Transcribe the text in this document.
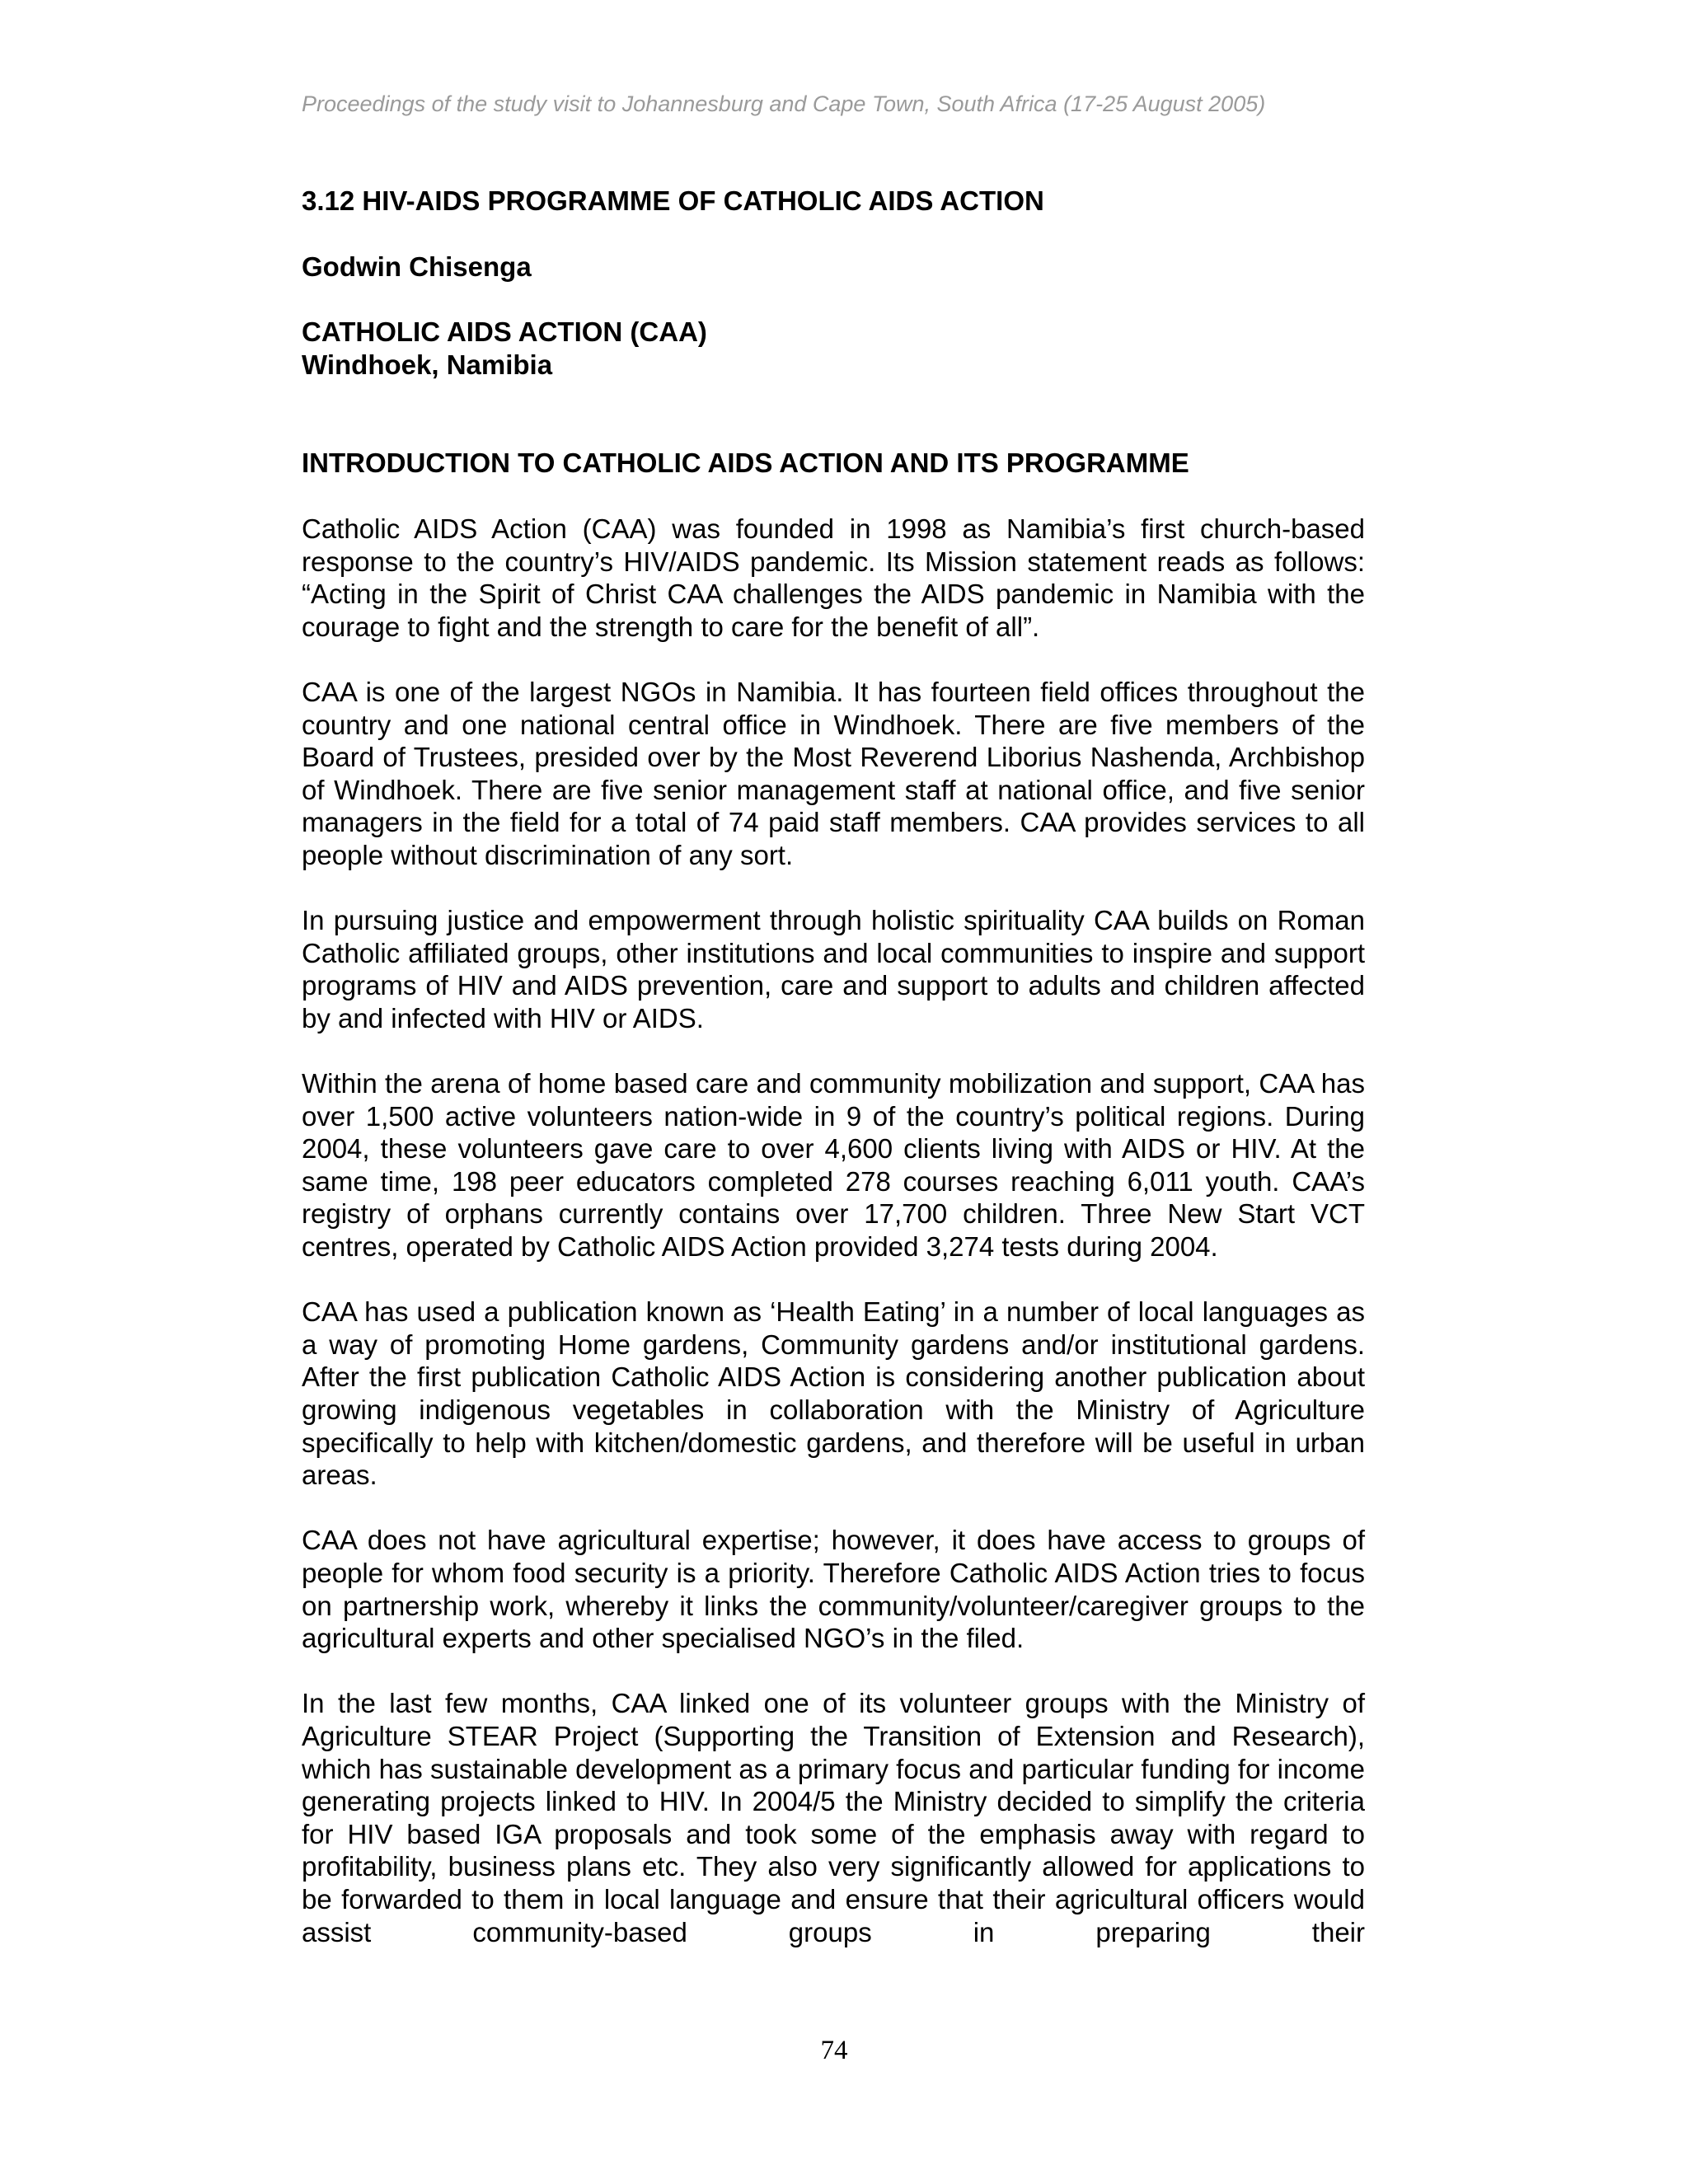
Proceedings of the study visit to Johannesburg and Cape Town, South Africa (17-25 August 2005)

3.12 HIV-AIDS PROGRAMME OF CATHOLIC AIDS ACTION

Godwin Chisenga

CATHOLIC AIDS ACTION (CAA)

Windhoek, Namibia

INTRODUCTION TO CATHOLIC AIDS ACTION AND ITS PROGRAMME

Catholic AIDS Action (CAA) was founded in 1998 as Namibia’s first church-based response to the country’s HIV/AIDS pandemic. Its Mission statement reads as follows: “Acting in the Spirit of Christ CAA challenges the AIDS pandemic in Namibia with the courage to fight and the strength to care for the benefit of all”.

CAA is one of the largest NGOs in Namibia. It has fourteen field offices throughout the country and one national central office in Windhoek. There are five members of the Board of Trustees, presided over by the Most Reverend Liborius Nashenda, Archbishop of Windhoek. There are five senior management staff at national office, and five senior managers in the field for a total of 74 paid staff members. CAA provides services to all people without discrimination of any sort.

In pursuing justice and empowerment through holistic spirituality CAA builds on Roman Catholic affiliated groups, other institutions and local communities to inspire and support programs of HIV and AIDS prevention, care and support to adults and children affected by and infected with HIV or AIDS.

Within the arena of home based care and community mobilization and support, CAA has over 1,500 active volunteers nation-wide in 9 of the country’s political regions. During 2004, these volunteers gave care to over 4,600 clients living with AIDS or HIV. At the same time, 198 peer educators completed 278 courses reaching 6,011 youth. CAA’s registry of orphans currently contains over 17,700 children. Three New Start VCT centres, operated by Catholic AIDS Action provided 3,274 tests during 2004.

CAA has used a publication known as ‘Health Eating’ in a number of local languages as a way of promoting Home gardens, Community gardens and/or institutional gardens. After the first publication Catholic AIDS Action is considering another publication about growing indigenous vegetables in collaboration with the Ministry of Agriculture specifically to help with kitchen/domestic gardens, and therefore will be useful in urban areas.

CAA does not have agricultural expertise; however, it does have access to groups of people for whom food security is a priority. Therefore Catholic AIDS Action tries to focus on partnership work, whereby it links the community/volunteer/caregiver groups to the agricultural experts and other specialised NGO’s in the filed.

In the last few months, CAA linked one of its volunteer groups with the Ministry of Agriculture STEAR Project (Supporting the Transition of Extension and Research), which has sustainable development as a primary focus and particular funding for income generating projects linked to HIV. In 2004/5 the Ministry decided to simplify the criteria for HIV based IGA proposals and took some of the emphasis away with regard to profitability, business plans etc. They also very significantly allowed for applications to be forwarded to them in local language and ensure that their agricultural officers would assist community-based groups in preparing their

74
